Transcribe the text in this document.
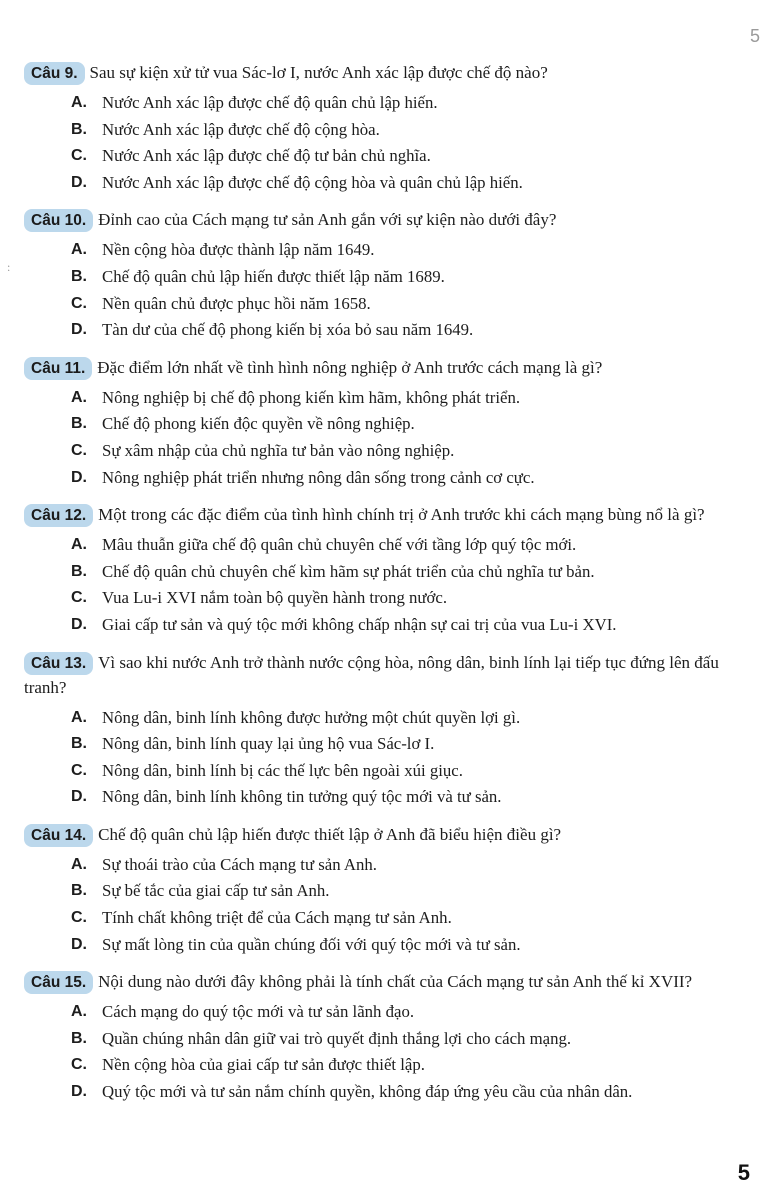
5
:
Câu 9. Sau sự kiện xử tử vua Sác-lơ I, nước Anh xác lập được chế độ nào?
A. Nước Anh xác lập được chế độ quân chủ lập hiến.
B. Nước Anh xác lập được chế độ cộng hòa.
C. Nước Anh xác lập được chế độ tư bản chủ nghĩa.
D. Nước Anh xác lập được chế độ cộng hòa và quân chủ lập hiến.
Câu 10. Đỉnh cao của Cách mạng tư sản Anh gắn với sự kiện nào dưới đây?
A. Nền cộng hòa được thành lập năm 1649.
B. Chế độ quân chủ lập hiến được thiết lập năm 1689.
C. Nền quân chủ được phục hồi năm 1658.
D. Tàn dư của chế độ phong kiến bị xóa bỏ sau năm 1649.
Câu 11. Đặc điểm lớn nhất về tình hình nông nghiệp ở Anh trước cách mạng là gì?
A. Nông nghiệp bị chế độ phong kiến kìm hãm, không phát triển.
B. Chế độ phong kiến độc quyền về nông nghiệp.
C. Sự xâm nhập của chủ nghĩa tư bản vào nông nghiệp.
D. Nông nghiệp phát triển nhưng nông dân sống trong cảnh cơ cực.
Câu 12. Một trong các đặc điểm của tình hình chính trị ở Anh trước khi cách mạng bùng nổ là gì?
A. Mâu thuẫn giữa chế độ quân chủ chuyên chế với tầng lớp quý tộc mới.
B. Chế độ quân chủ chuyên chế kìm hãm sự phát triển của chủ nghĩa tư bản.
C. Vua Lu-i XVI nắm toàn bộ quyền hành trong nước.
D. Giai cấp tư sản và quý tộc mới không chấp nhận sự cai trị của vua Lu-i XVI.
Câu 13. Vì sao khi nước Anh trở thành nước cộng hòa, nông dân, binh lính lại tiếp tục đứng lên đấu tranh?
A. Nông dân, binh lính không được hưởng một chút quyền lợi gì.
B. Nông dân, binh lính quay lại ủng hộ vua Sác-lơ I.
C. Nông dân, binh lính bị các thế lực bên ngoài xúi giục.
D. Nông dân, binh lính không tin tưởng quý tộc mới và tư sản.
Câu 14. Chế độ quân chủ lập hiến được thiết lập ở Anh đã biểu hiện điều gì?
A. Sự thoái trào của Cách mạng tư sản Anh.
B. Sự bế tắc của giai cấp tư sản Anh.
C. Tính chất không triệt để của Cách mạng tư sản Anh.
D. Sự mất lòng tin của quần chúng đối với quý tộc mới và tư sản.
Câu 15. Nội dung nào dưới đây không phải là tính chất của Cách mạng tư sản Anh thế kỉ XVII?
A. Cách mạng do quý tộc mới và tư sản lãnh đạo.
B. Quần chúng nhân dân giữ vai trò quyết định thắng lợi cho cách mạng.
C. Nền cộng hòa của giai cấp tư sản được thiết lập.
D. Quý tộc mới và tư sản nắm chính quyền, không đáp ứng yêu cầu của nhân dân.
5
